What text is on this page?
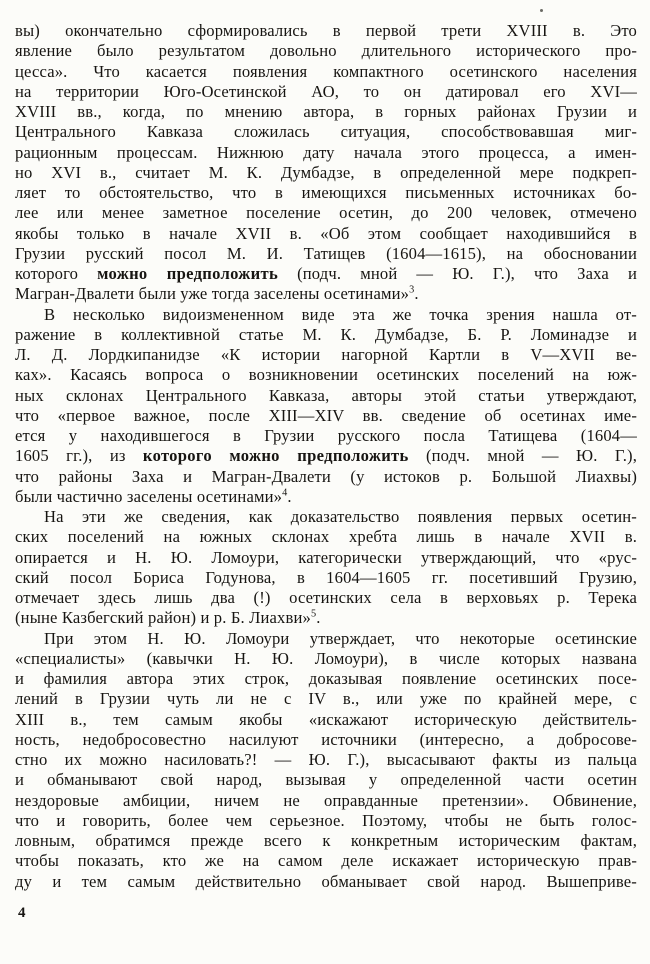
вы) окончательно сформировались в первой трети XVIII в. Это
явление было результатом довольно длительного исторического про-
цесса». Что касается появления компактного осетинского населения
на территории Юго-Осетинской АО, то он датировал его XVI—
XVIII вв., когда, по мнению автора, в горных районах Грузии и
Центрального Кавказа сложилась ситуация, способствовавшая миг-
рационным процессам. Нижнюю дату начала этого процесса, а имен-
но XVI в., считает М. К. Думбадзе, в определенной мере подкреп-
ляет то обстоятельство, что в имеющихся письменных источниках бо-
лее или менее заметное поселение осетин, до 200 человек, отмечено
якобы только в начале XVII в. «Об этом сообщает находившийся в
Грузии русский посол М. И. Татищев (1604—1615), на обосновании
которого можно предположить (подч. мной — Ю. Г.), что Заха и
Магран-Двалети были уже тогда заселены осетинами»$^3$.
В несколько видоизмененном виде эта же точка зрения нашла от-
ражение в коллективной статье М. К. Думбадзе, Б. Р. Ломинадзе и
Л. Д. Лордкипанидзе «К истории нагорной Картли в V—XVII ве-
ках». Касаясь вопроса о возникновении осетинских поселений на юж-
ных склонах Центрального Кавказа, авторы этой статьи утверждают,
что «первое важное, после XIII—XIV вв. сведение об осетинах име-
ется у находившегося в Грузии русского посла Татищева (1604—
1605 гг.), из которого можно предположить (подч. мной — Ю. Г.),
что районы Заха и Магран-Двалети (у истоков р. Большой Лиахвы)
были частично заселены осетинами»$^4$.
На эти же сведения, как доказательство появления первых осетин-
ских поселений на южных склонах хребта лишь в начале XVII в.
опирается и Н. Ю. Ломоури, категорически утверждающий, что «рус-
ский посол Бориса Годунова, в 1604—1605 гг. посетивший Грузию,
отмечает здесь лишь два (!) осетинских села в верховьях р. Терека
(ныне Казбегский район) и р. Б. Лиахви»$^5$.
При этом Н. Ю. Ломоури утверждает, что некоторые осетинские
«специалисты» (кавычки Н. Ю. Ломоури), в числе которых названа
и фамилия автора этих строк, доказывая появление осетинских посе-
лений в Грузии чуть ли не с IV в., или уже по крайней мере, с
XIII в., тем самым якобы «искажают историческую действитель-
ность, недобросовестно насилуют источники (интересно, а добросове-
стно их можно насиловать?! — Ю. Г.), высасывают факты из пальца
и обманывают свой народ, вызывая у определенной части осетин
нездоровые амбиции, ничем не оправданные претензии». Обвинение,
что и говорить, более чем серьезное. Поэтому, чтобы не быть голос-
ловным, обратимся прежде всего к конкретным историческим фактам,
чтобы показать, кто же на самом деле искажает историческую прав-
ду и тем самым действительно обманывает свой народ. Вышеприве-
4
